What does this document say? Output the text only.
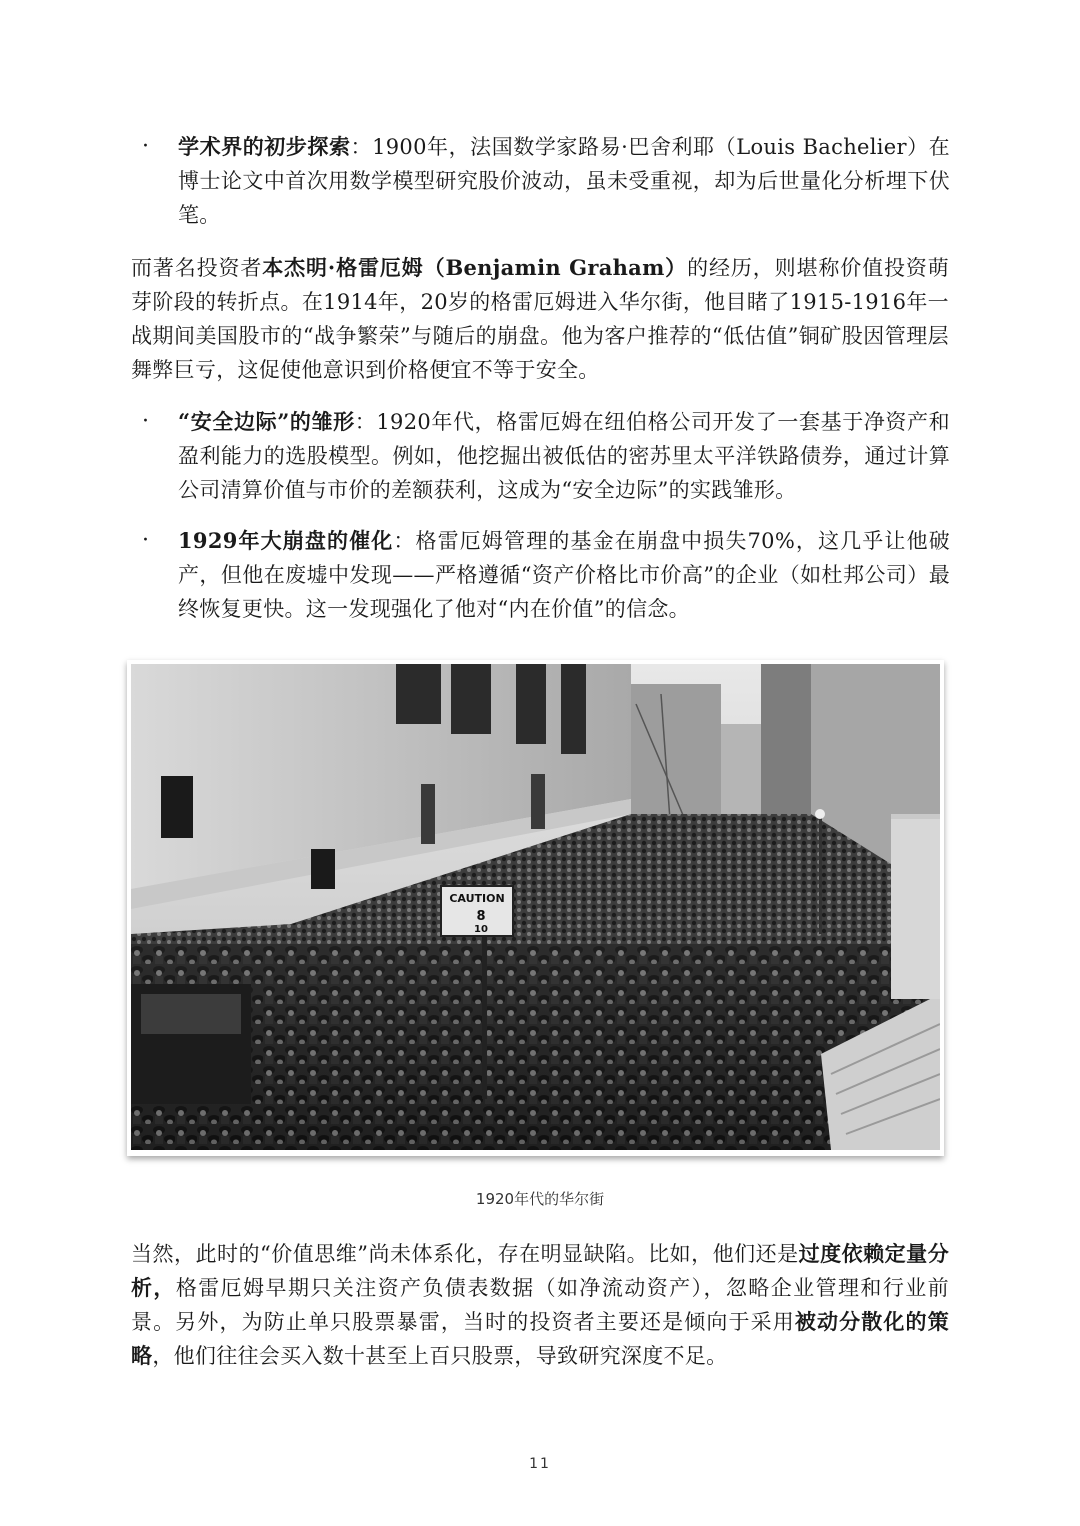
· 学术界的初步探索：1900年，法国数学家路易·巴舍利耶（Louis Bachelier）在博士论文中首次用数学模型研究股价波动，虽未受重视，却为后世量化分析埋下伏笔。
而著名投资者本杰明·格雷厄姆（Benjamin Graham）的经历，则堪称价值投资萌芽阶段的转折点。在1914年，20岁的格雷厄姆进入华尔街，他目睹了1915-1916年一战期间美国股市的“战争繁荣”与随后的崩盘。他为客户推荐的“低估值”铜矿股因管理层舞弊巨亏，这促使他意识到价格便宜不等于安全。
· “安全边际”的雏形：1920年代，格雷厄姆在纽伯格公司开发了一套基于净资产和盈利能力的选股模型。例如，他挖掘出被低估的密苏里太平洋铁路债券，通过计算公司清算价值与市价的差额获利，这成为“安全边际”的实践雏形。
· 1929年大崩盘的催化：格雷厄姆管理的基金在崩盘中损失70%，这几乎让他破产，但他在废墟中发现——严格遵循“资产价格比市价高”的企业（如杜邦公司）最终恢复更快。这一发现强化了他对“内在价值”的信念。
CAUTION
8
10
1920年代的华尔街
当然，此时的“价值思维”尚未体系化，存在明显缺陷。比如，他们还是过度依赖定量分析，格雷厄姆早期只关注资产负债表数据（如净流动资产），忽略企业管理和行业前景。另外，为防止单只股票暴雷，当时的投资者主要还是倾向于采用被动分散化的策略，他们往往会买入数十甚至上百只股票，导致研究深度不足。
11
